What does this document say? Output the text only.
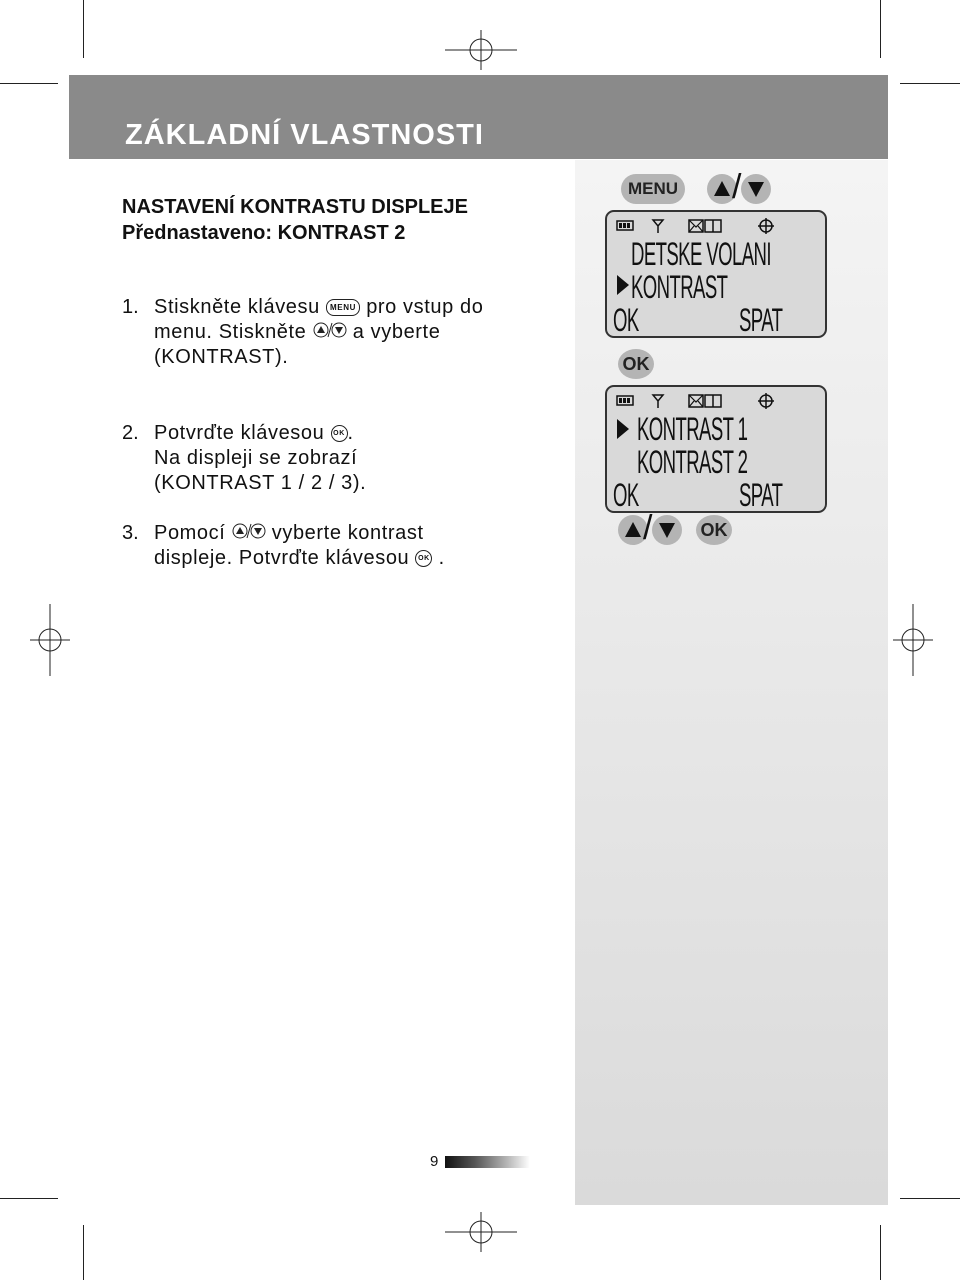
ZÁKLADNÍ VLASTNOSTI
NASTAVENÍ KONTRASTU DISPLEJE
Přednastaveno: KONTRAST 2
1. Stiskněte klávesu MENU pro vstup do
menu. Stiskněte a vyberte
(KONTRAST).
2. Potvrďte klávesou OK .
Na displeji se zobrazí
(KONTRAST 1 / 2 / 3).
3. Pomocí vyberte kontrast
displeje. Potvrďte klávesou OK .
MENU /
DETSKE VOLANI
KONTRAST
OK	SPAT
OK
KONTRAST 1
KONTRAST 2
OK	SPAT
/	OK
9
